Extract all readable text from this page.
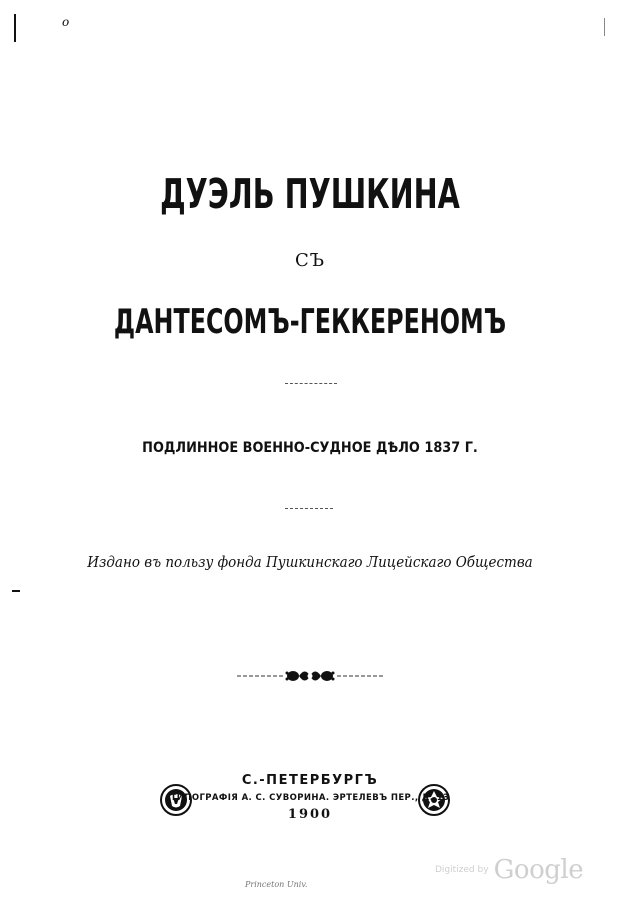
o
ДУЭЛЬ ПУШКИНА
СЪ
ДАНТЕСОМЪ-ГЕККЕРЕНОМЪ
ПОДЛИННОЕ ВОЕННО-СУДНОЕ ДѢЛО 1837 Г.
Издано въ пользу фонда Пушкинскаго Лицейскаго Общества
С.-ПЕТЕРБУРГЪ
ТИПОГРАФІЯ А. С. СУВОРИНА. ЭРТЕЛЕВЪ ПЕР., Д. 13
1900
Digitized by Google
Princeton Univ.
